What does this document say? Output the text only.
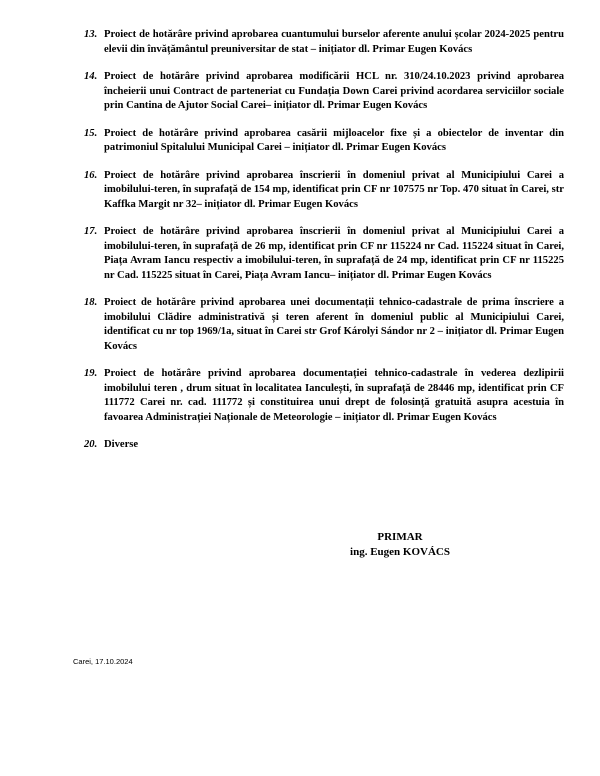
13. Proiect de hotărâre privind aprobarea cuantumului burselor aferente anului școlar 2024-2025 pentru elevii din învățământul preuniversitar de stat – inițiator dl. Primar Eugen Kovács
14. Proiect de hotărâre privind aprobarea modificării HCL nr. 310/24.10.2023 privind aprobarea încheierii unui Contract de parteneriat cu Fundația Down Carei privind acordarea serviciilor sociale prin Cantina de Ajutor Social Carei– inițiator dl. Primar Eugen Kovács
15. Proiect de hotărâre privind aprobarea casării mijloacelor fixe și a obiectelor de inventar din patrimoniul Spitalului Municipal Carei – inițiator dl. Primar Eugen Kovács
16. Proiect de hotărâre privind aprobarea înscrierii în domeniul privat al Municipiului Carei a imobilului-teren, în suprafață de 154 mp, identificat prin CF nr 107575 nr Top. 470 situat în Carei, str Kaffka Margit nr 32– inițiator dl. Primar Eugen Kovács
17. Proiect de hotărâre privind aprobarea înscrierii în domeniul privat al Municipiului Carei a imobilului-teren, în suprafață de 26 mp, identificat prin CF nr 115224 nr Cad. 115224 situat în Carei, Piața Avram Iancu respectiv a imobilului-teren, în suprafață de 24 mp, identificat prin CF nr 115225 nr Cad. 115225 situat în Carei, Piața Avram Iancu– inițiator dl. Primar Eugen Kovács
18. Proiect de hotărâre privind aprobarea unei documentații tehnico-cadastrale de prima înscriere a imobilului Clădire administrativă și teren aferent în domeniul public al Municipiului Carei, identificat cu nr top 1969/1a, situat în Carei str Grof Károlyi Sándor nr 2 – inițiator dl. Primar Eugen Kovács
19. Proiect de hotărâre privind aprobarea documentației tehnico-cadastrale în vederea dezlipirii imobilului teren , drum situat în localitatea Ianculești, în suprafață de 28446 mp, identificat prin CF 111772 Carei nr. cad. 111772 și constituirea unui drept de folosință gratuită asupra acestuia în favoarea Administrației Naționale de Meteorologie – inițiator dl. Primar Eugen Kovács
20. Diverse
PRIMAR
ing. Eugen KOVÁCS
Carei, 17.10.2024
